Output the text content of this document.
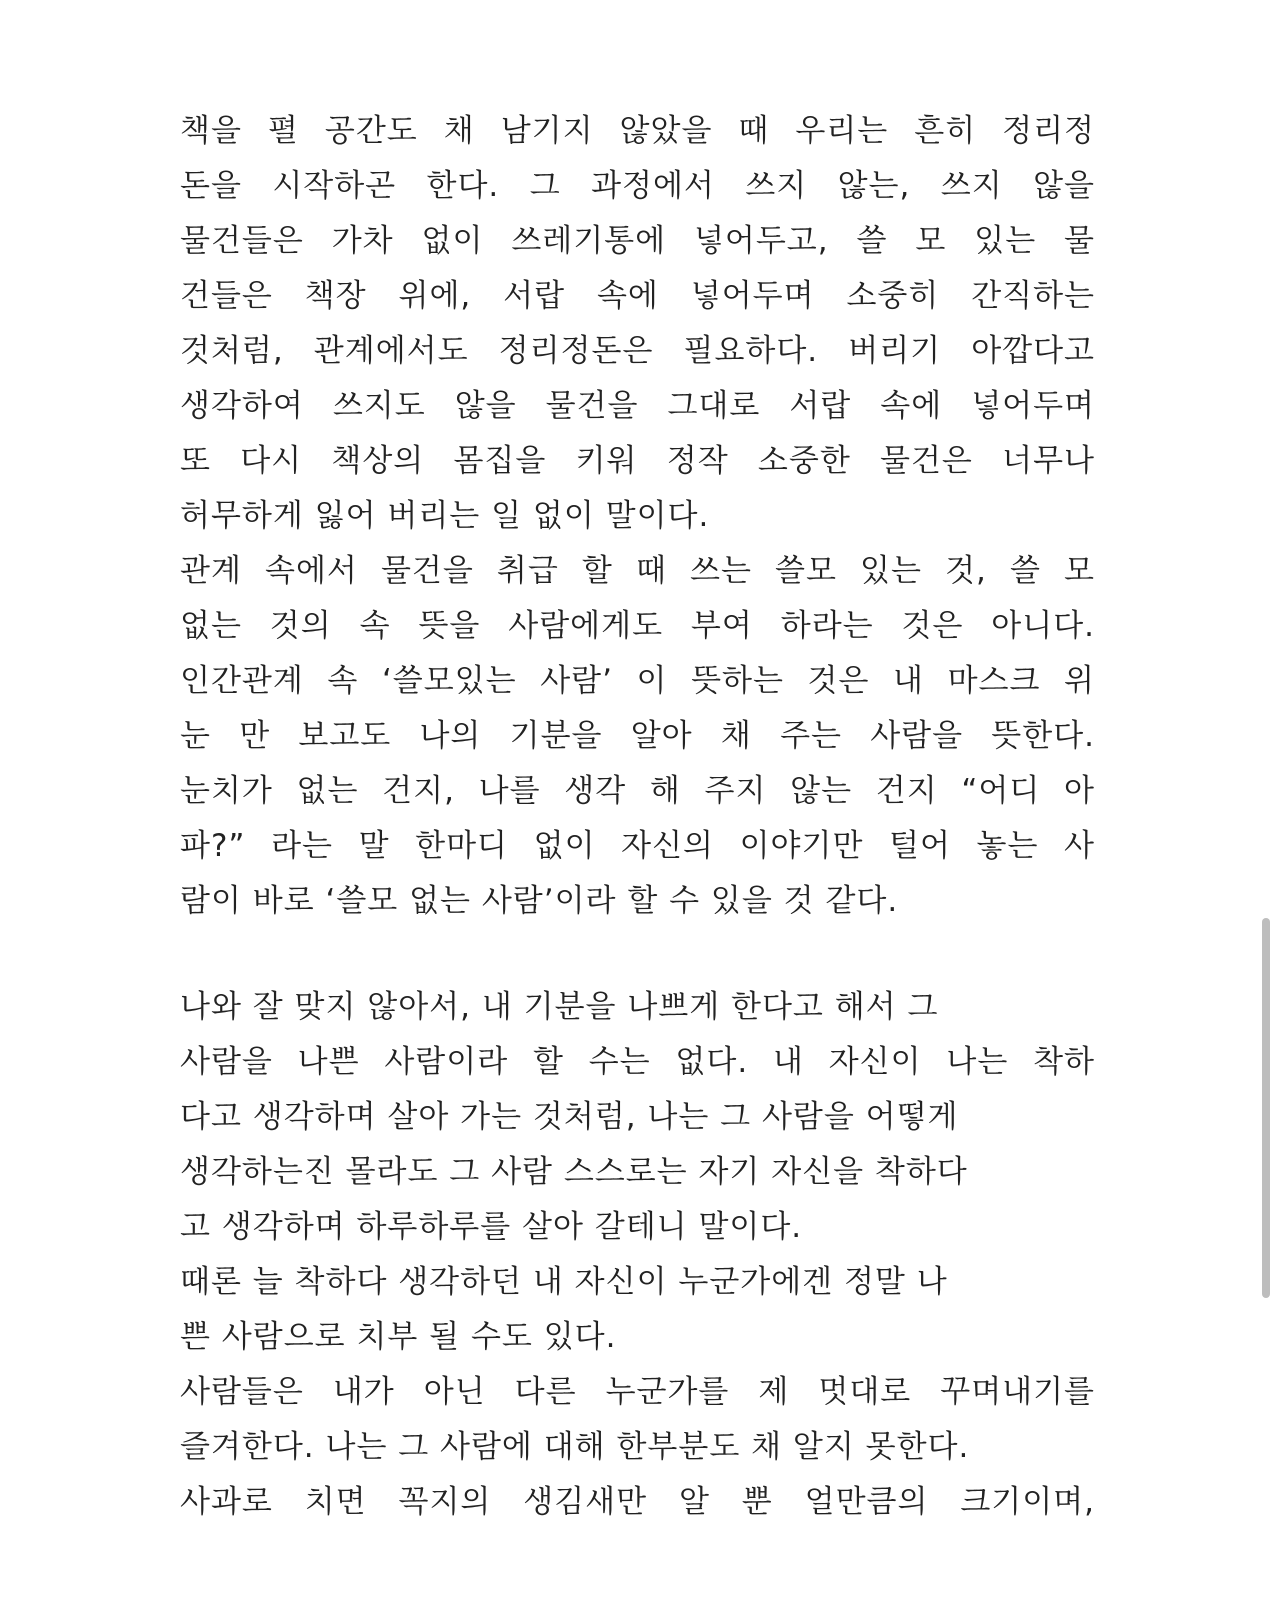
책을 펼 공간도 채 남기지 않았을 때 우리는 흔히 정리정
돈을 시작하곤 한다. 그 과정에서 쓰지 않는, 쓰지 않을
물건들은 가차 없이 쓰레기통에 넣어두고, 쓸 모 있는 물
건들은 책장 위에, 서랍 속에 넣어두며 소중히 간직하는
것처럼, 관계에서도 정리정돈은 필요하다. 버리기 아깝다고
생각하여 쓰지도 않을 물건을 그대로 서랍 속에 넣어두며
또 다시 책상의 몸집을 키워 정작 소중한 물건은 너무나
허무하게 잃어 버리는 일 없이 말이다.
관계 속에서 물건을 취급 할 때 쓰는 쓸모 있는 것, 쓸 모
없는 것의 속 뜻을 사람에게도 부여 하라는 것은 아니다.
인간관계 속 ‘쓸모있는 사람’ 이 뜻하는 것은 내 마스크 위
눈 만 보고도 나의 기분을 알아 채 주는 사람을 뜻한다.
눈치가 없는 건지, 나를 생각 해 주지 않는 건지 “어디 아
파?” 라는 말 한마디 없이 자신의 이야기만 털어 놓는 사
람이 바로 ‘쓸모 없는 사람’이라 할 수 있을 것 같다.
나와 잘 맞지 않아서, 내 기분을 나쁘게 한다고 해서 그
사람을 나쁜 사람이라 할 수는 없다. 내 자신이 나는 착하
다고 생각하며 살아 가는 것처럼, 나는 그 사람을 어떻게
생각하는진 몰라도 그 사람 스스로는 자기 자신을 착하다
고 생각하며 하루하루를 살아 갈테니 말이다.
때론 늘 착하다 생각하던 내 자신이 누군가에겐 정말 나
쁜 사람으로 치부 될 수도 있다.
사람들은 내가 아닌 다른 누군가를 제 멋대로 꾸며내기를
즐겨한다. 나는 그 사람에 대해 한부분도 채 알지 못한다.
사과로 치면 꼭지의 생김새만 알 뿐 얼만큼의 크기이며,
